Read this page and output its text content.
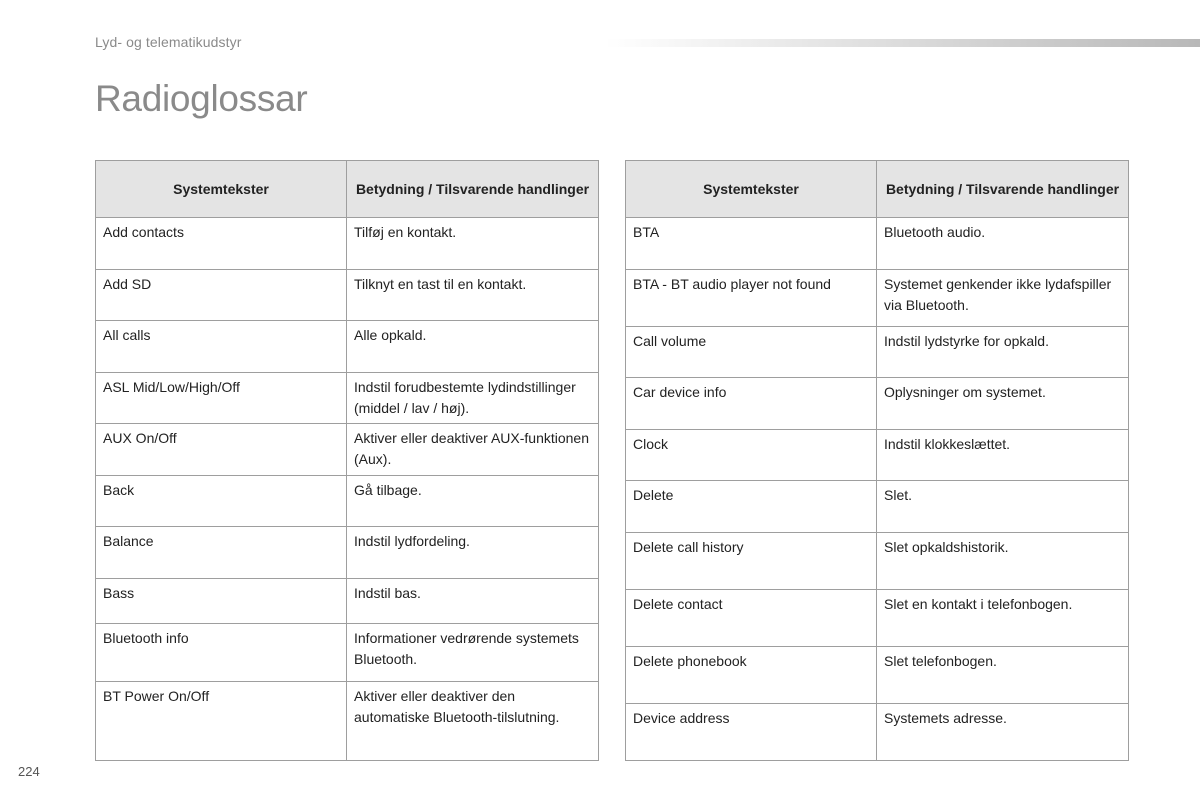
Lyd- og telematikudstyr
Radioglossar
Systemtekster	Betydning / Tilsvarende handlinger
Add contacts	Tilføj en kontakt.
Add SD	Tilknyt en tast til en kontakt.
All calls	Alle opkald.
ASL Mid/Low/High/Off	Indstil forudbestemte lydindstillinger (middel / lav / høj).
AUX On/Off	Aktiver eller deaktiver AUX-funktionen (Aux).
Back	Gå tilbage.
Balance	Indstil lydfordeling.
Bass	Indstil bas.
Bluetooth info	Informationer vedrørende systemets Bluetooth.
BT Power On/Off	Aktiver eller deaktiver den automatiske Bluetooth-tilslutning.
Systemtekster	Betydning / Tilsvarende handlinger
BTA	Bluetooth audio.
BTA - BT audio player not found	Systemet genkender ikke lydafspiller via Bluetooth.
Call volume	Indstil lydstyrke for opkald.
Car device info	Oplysninger om systemet.
Clock	Indstil klokkeslættet.
Delete	Slet.
Delete call history	Slet opkaldshistorik.
Delete contact	Slet en kontakt i telefonbogen.
Delete phonebook	Slet telefonbogen.
Device address	Systemets adresse.
224
